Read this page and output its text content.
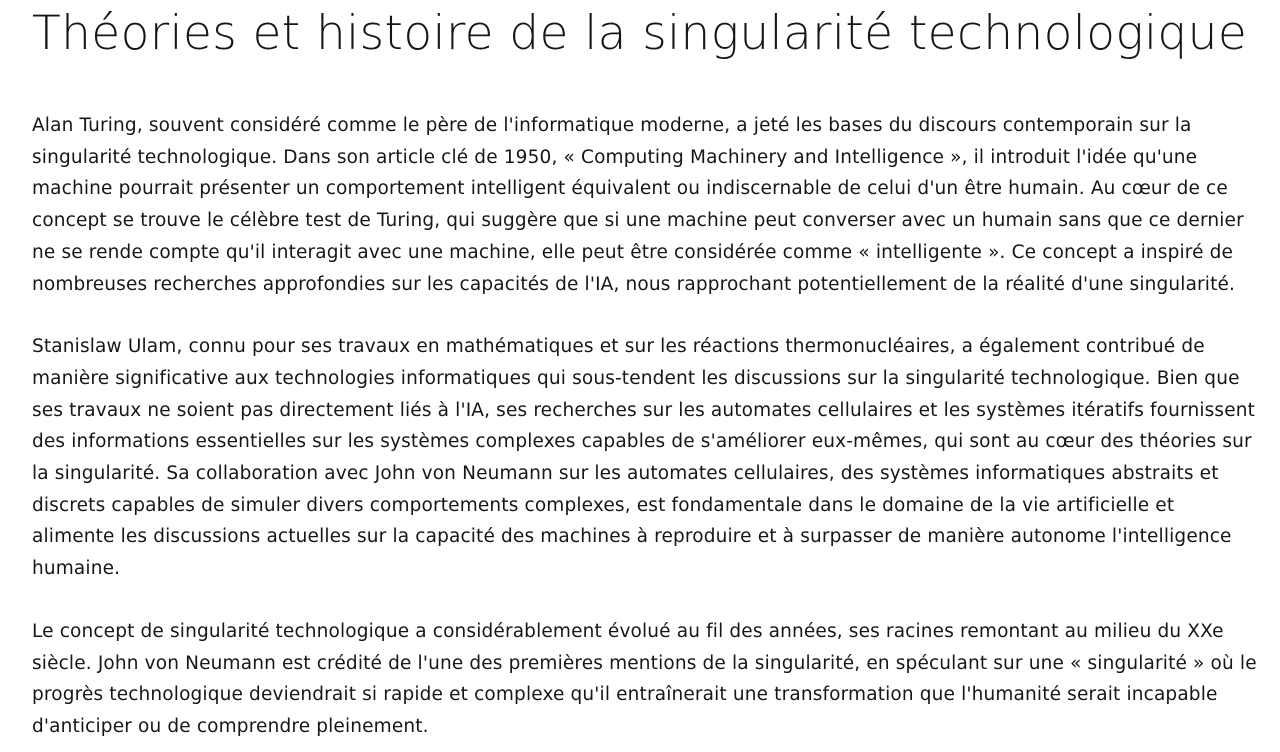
Théories et histoire de la singularité technologique

Alan Turing, souvent considéré comme le père de l'informatique moderne, a jeté les bases du discours contemporain sur la singularité technologique. Dans son article clé de 1950, « Computing Machinery and Intelligence », il introduit l'idée qu'une machine pourrait présenter un comportement intelligent équivalent ou indiscernable de celui d'un être humain. Au cœur de ce concept se trouve le célèbre test de Turing, qui suggère que si une machine peut converser avec un humain sans que ce dernier ne se rende compte qu'il interagit avec une machine, elle peut être considérée comme « intelligente ». Ce concept a inspiré de nombreuses recherches approfondies sur les capacités de l'IA, nous rapprochant potentiellement de la réalité d'une singularité.

Stanislaw Ulam, connu pour ses travaux en mathématiques et sur les réactions thermonucléaires, a également contribué de manière significative aux technologies informatiques qui sous-tendent les discussions sur la singularité technologique. Bien que ses travaux ne soient pas directement liés à l'IA, ses recherches sur les automates cellulaires et les systèmes itératifs fournissent des informations essentielles sur les systèmes complexes capables de s'améliorer eux-mêmes, qui sont au cœur des théories sur la singularité. Sa collaboration avec John von Neumann sur les automates cellulaires, des systèmes informatiques abstraits et discrets capables de simuler divers comportements complexes, est fondamentale dans le domaine de la vie artificielle et alimente les discussions actuelles sur la capacité des machines à reproduire et à surpasser de manière autonome l'intelligence humaine.

Le concept de singularité technologique a considérablement évolué au fil des années, ses racines remontant au milieu du XXe siècle. John von Neumann est crédité de l'une des premières mentions de la singularité, en spéculant sur une « singularité » où le progrès technologique deviendrait si rapide et complexe qu'il entraînerait une transformation que l'humanité serait incapable d'anticiper ou de comprendre pleinement.
